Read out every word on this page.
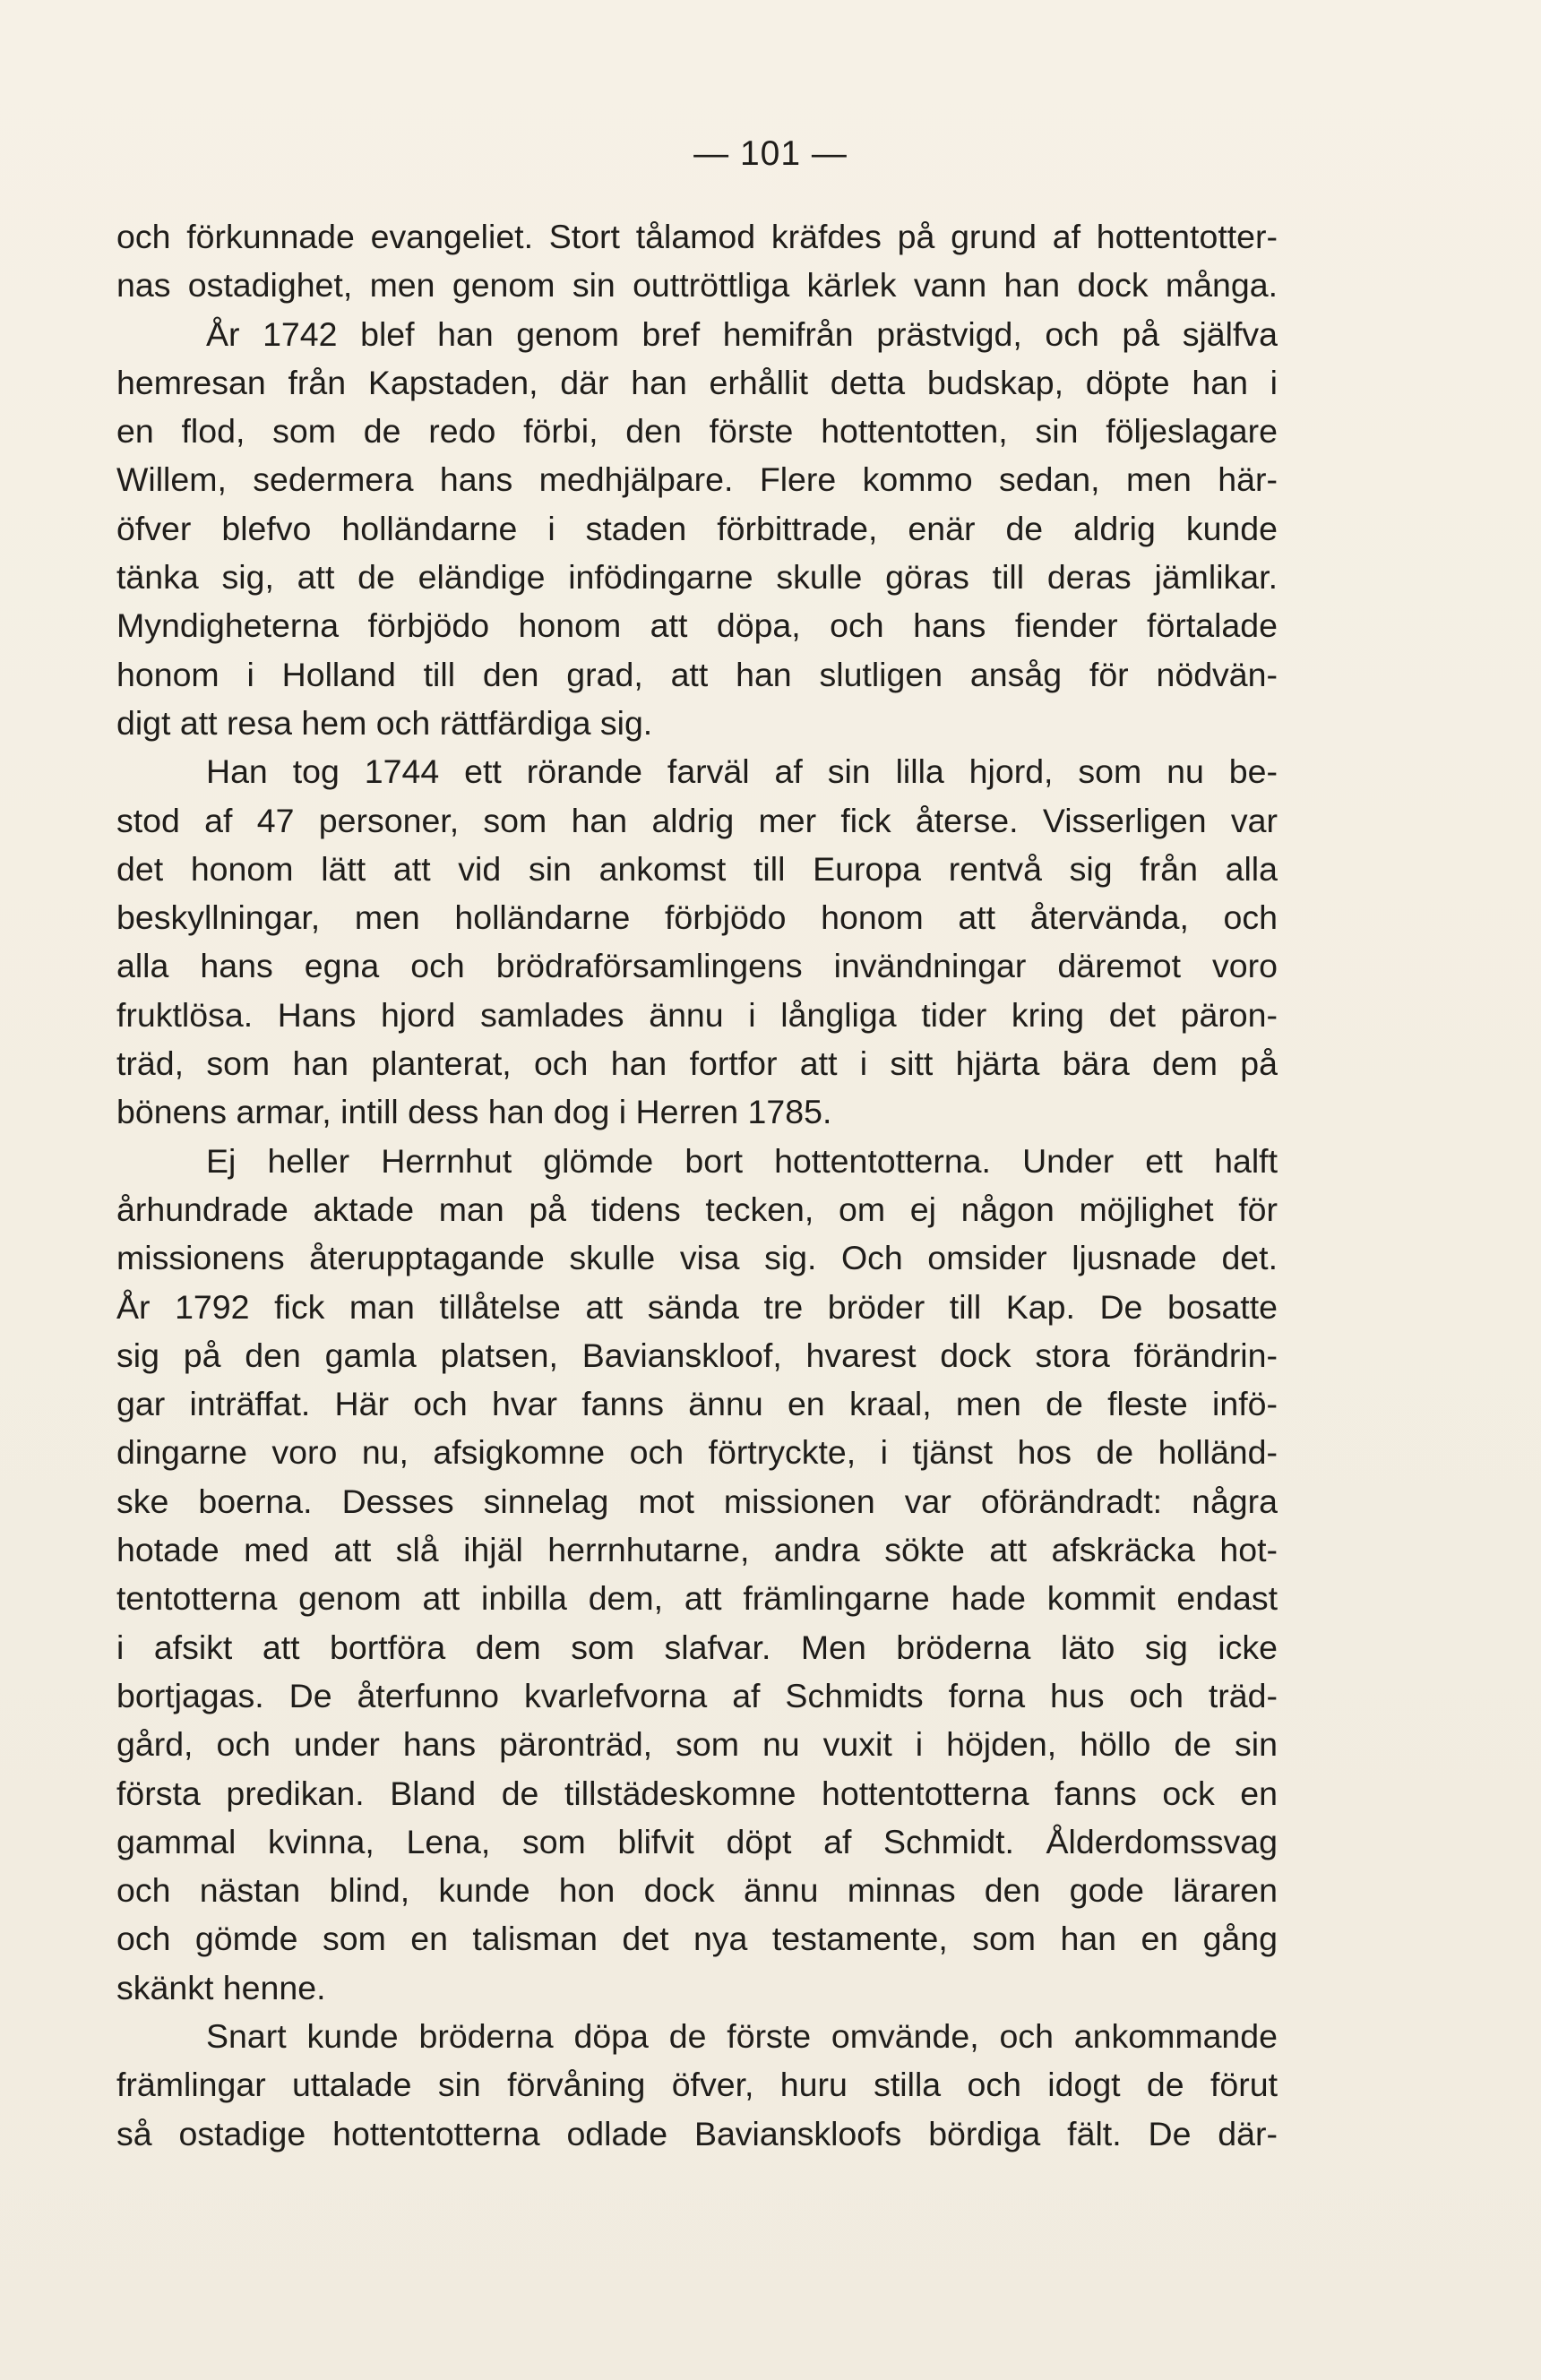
— 101 —
och förkunnade evangeliet. Stort tålamod kräfdes på grund af hottentotter-
nas ostadighet, men genom sin outtröttliga kärlek vann han dock många.
År 1742 blef han genom bref hemifrån prästvigd, och på själfva
hemresan från Kapstaden, där han erhållit detta budskap, döpte han i
en flod, som de redo förbi, den förste hottentotten, sin följeslagare
Willem, sedermera hans medhjälpare. Flere kommo sedan, men här-
öfver blefvo holländarne i staden förbittrade, enär de aldrig kunde
tänka sig, att de eländige infödingarne skulle göras till deras jämlikar.
Myndigheterna förbjödo honom att döpa, och hans fiender förtalade
honom i Holland till den grad, att han slutligen ansåg för nödvän-
digt att resa hem och rättfärdiga sig.
Han tog 1744 ett rörande farväl af sin lilla hjord, som nu be-
stod af 47 personer, som han aldrig mer fick återse. Visserligen var
det honom lätt att vid sin ankomst till Europa rentvå sig från alla
beskyllningar, men holländarne förbjödo honom att återvända, och
alla hans egna och brödraförsamlingens invändningar däremot voro
fruktlösa. Hans hjord samlades ännu i långliga tider kring det päron-
träd, som han planterat, och han fortfor att i sitt hjärta bära dem på
bönens armar, intill dess han dog i Herren 1785.
Ej heller Herrnhut glömde bort hottentotterna. Under ett halft
århundrade aktade man på tidens tecken, om ej någon möjlighet för
missionens återupptagande skulle visa sig. Och omsider ljusnade det.
År 1792 fick man tillåtelse att sända tre bröder till Kap. De bosatte
sig på den gamla platsen, Baviansk​loof, hvarest dock stora förändrin-
gar inträffat. Här och hvar fanns ännu en kraal, men de fleste infö-
dingarne voro nu, afsigkomne och förtryckte, i tjänst hos de holländ-
ske boerna. Desses sinnelag mot missionen var oförändradt: några
hotade med att slå ihjäl herrnhutarne, andra sökte att afskräcka hot-
tentotterna genom att inbilla dem, att främlingarne hade kommit endast
i afsikt att bortföra dem som slafvar. Men bröderna läto sig icke
bortjagas. De återfunno kvarlefvorna af Schmidts forna hus och träd-
gård, och under hans päronträd, som nu vuxit i höjden, höllo de sin
första predikan. Bland de tillstädeskomne hottentotterna fanns ock en
gammal kvinna, Lena, som blifvit döpt af Schmidt. Ålderdomssvag
och nästan blind, kunde hon dock ännu minnas den gode läraren
och gömde som en talisman det nya testamente, som han en gång
skänkt henne.
Snart kunde bröderna döpa de förste omvände, och ankommande
främlingar uttalade sin förvåning öfver, huru stilla och idogt de förut
så ostadige hottentotterna odlade Bavianskloofs bördiga fält. De där-
